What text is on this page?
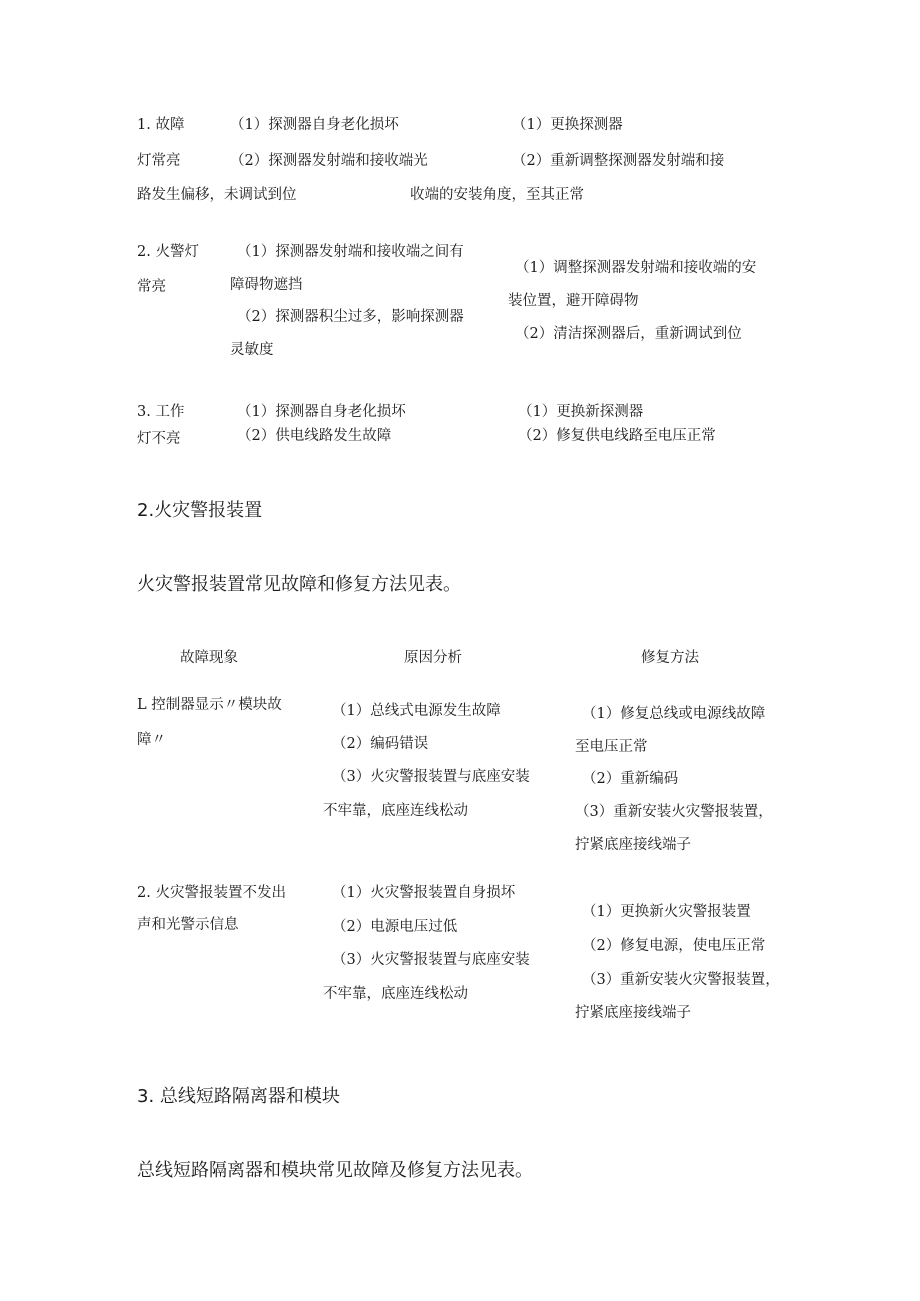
1. 故障
灯常亮
（1）探测器自身老化损坏
（2）探测器发射端和接收端光
路发生偏移，未调试到位
（1）更换探测器
（2）重新调整探测器发射端和接
收端的安装角度，至其正常
2. 火警灯
常亮
（1）探测器发射端和接收端之间有
障碍物遮挡
（2）探测器积尘过多，影响探测器
灵敏度
（1）调整探测器发射端和接收端的安
装位置，避开障碍物
（2）清洁探测器后，重新调试到位
3. 工作
灯不亮
（1）探测器自身老化损坏
（2）供电线路发生故障
（1）更换新探测器
（2）修复供电线路至电压正常
2.火灾警报装置
火灾警报装置常见故障和修复方法见表。
故障现象	原因分析	修复方法
L 控制器显示〃模块故
障〃
（1）总线式电源发生故障
（2）编码错误
（3）火灾警报装置与底座安装
不牢靠，底座连线松动
（1）修复总线或电源线故障
至电压正常
（2）重新编码
（3）重新安装火灾警报装置，
拧紧底座接线端子
2. 火灾警报装置不发出
声和光警示信息
（1）火灾警报装置自身损坏
（2）电源电压过低
（3）火灾警报装置与底座安装
不牢靠，底座连线松动
（1）更换新火灾警报装置
（2）修复电源，使电压正常
（3）重新安装火灾警报装置，
拧紧底座接线端子
3. 总线短路隔离器和模块
总线短路隔离器和模块常见故障及修复方法见表。
